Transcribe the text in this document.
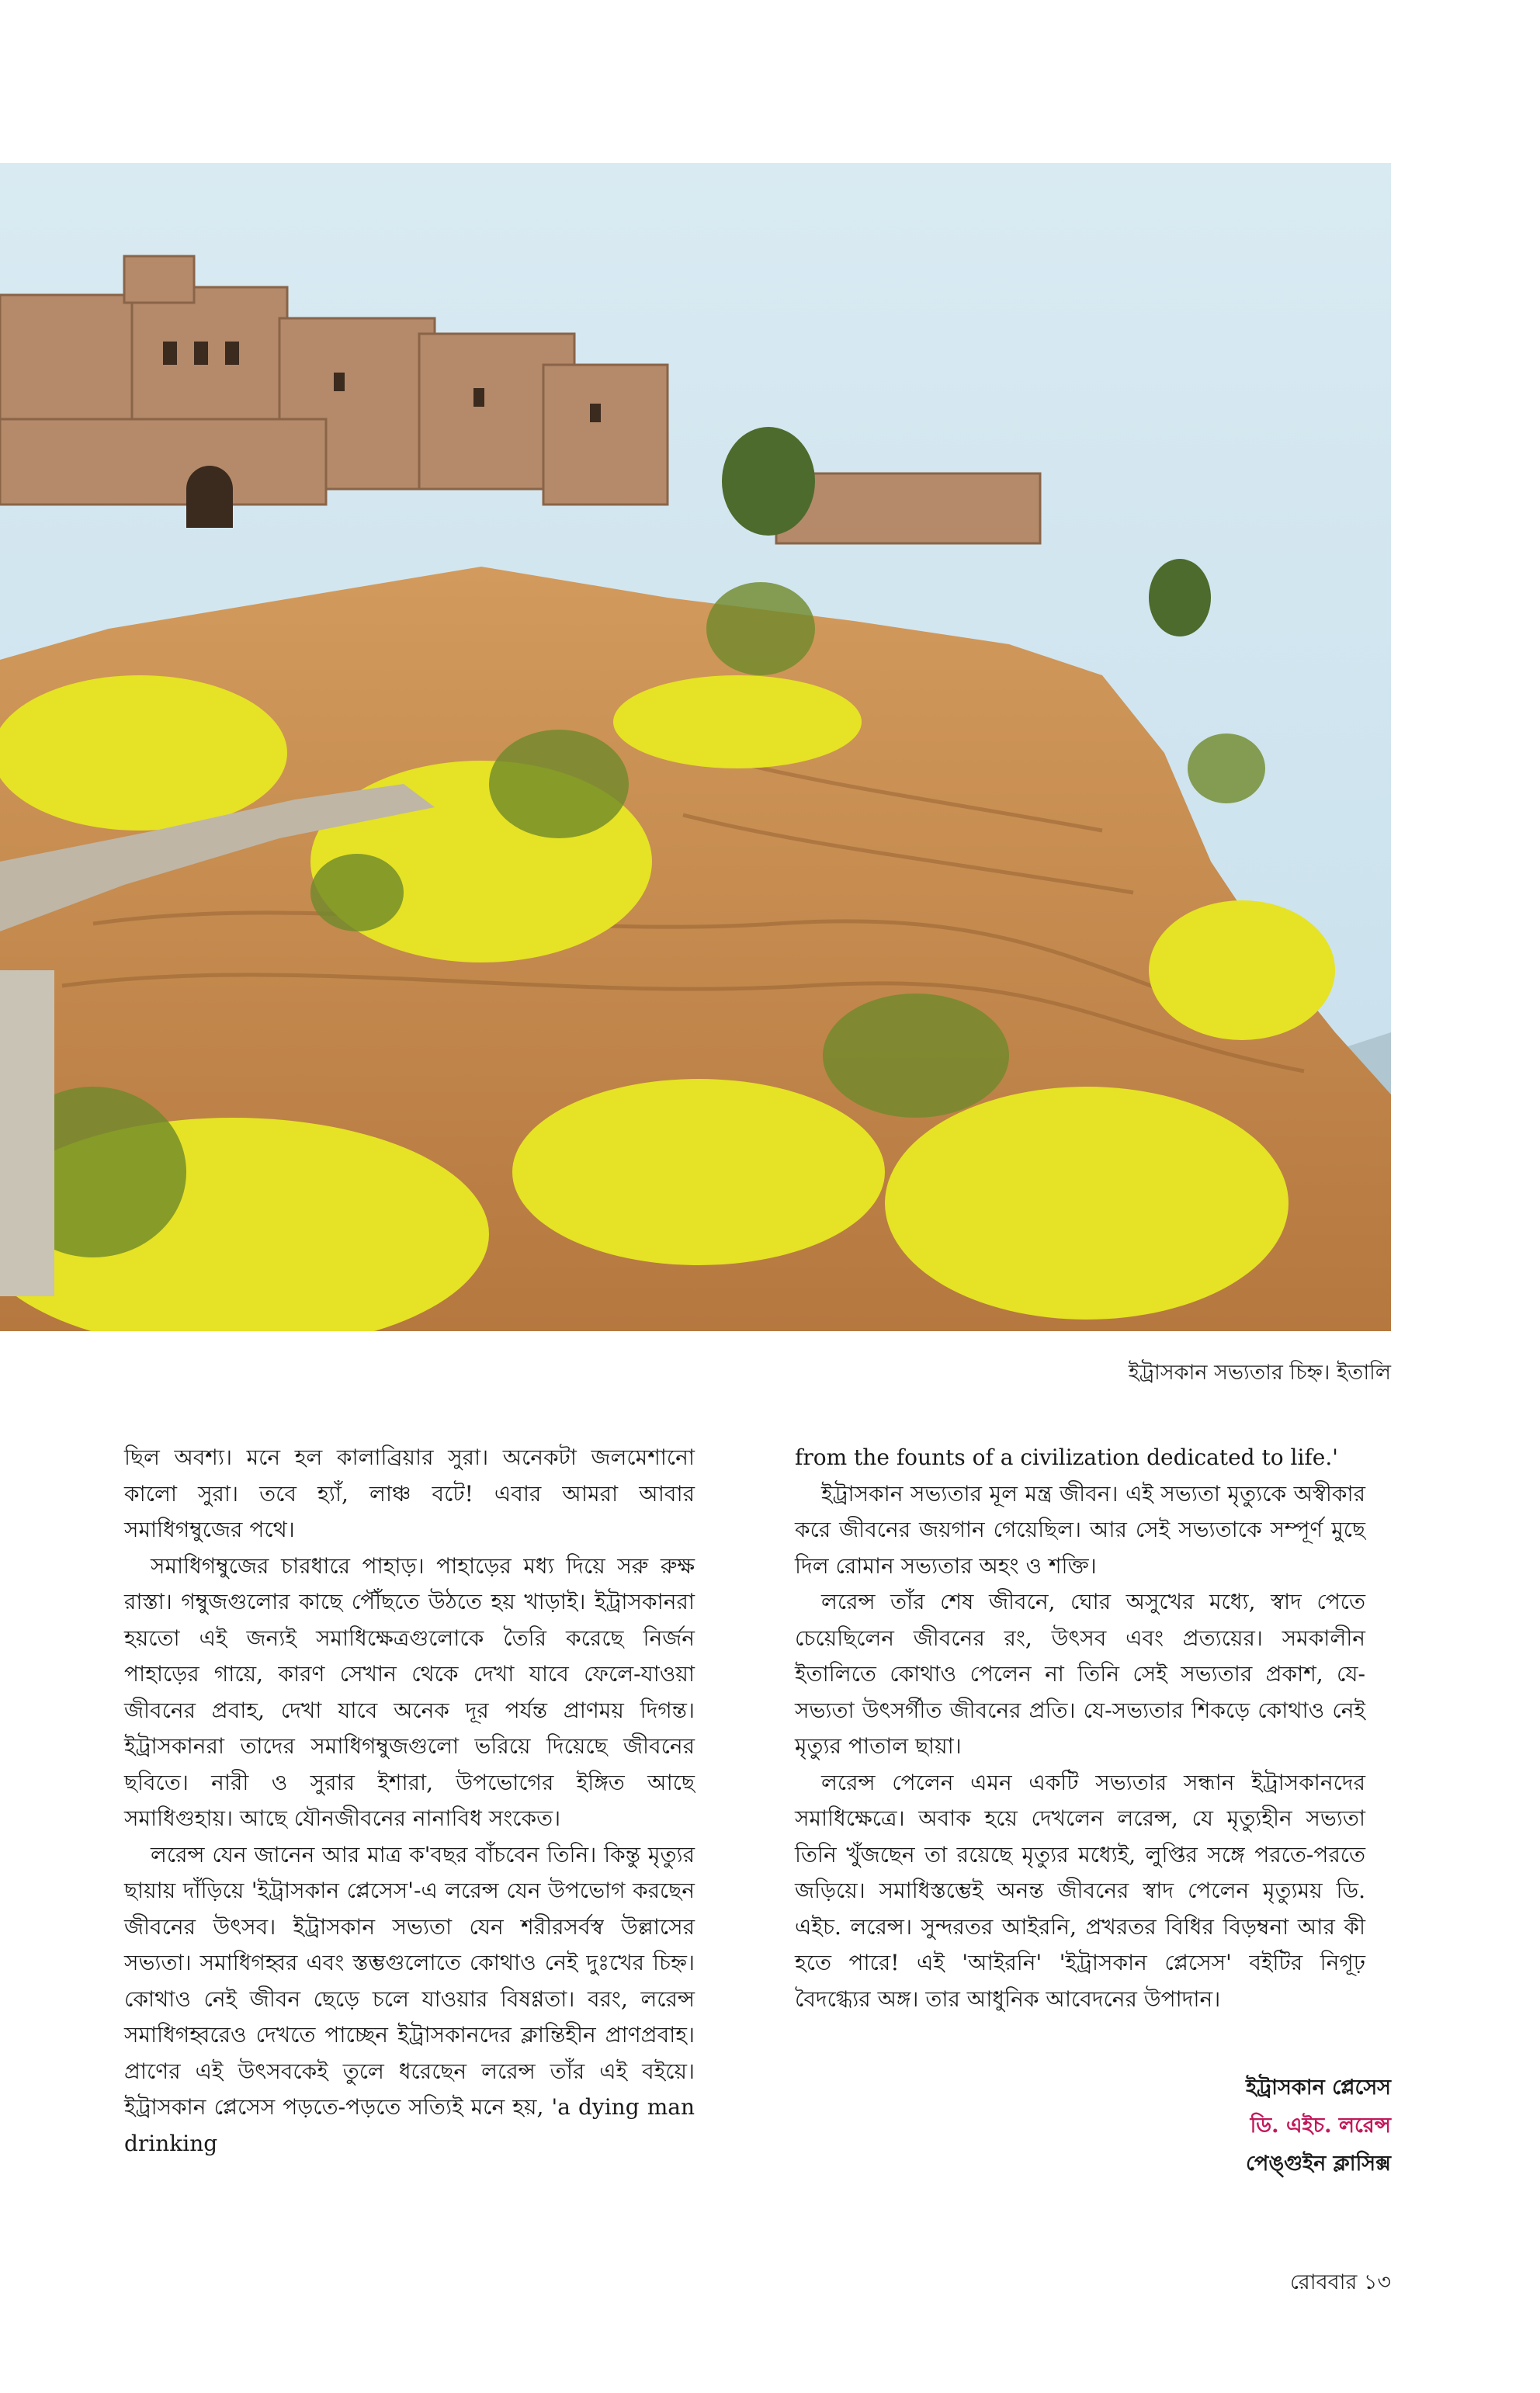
ইট্রাসকান সভ্যতার চিহ্ন। ইতালি

ছিল অবশ্য। মনে হল কালাব্রিয়ার সুরা। অনেকটা জলমেশানো কালো সুরা। তবে হ্যাঁ, লাঞ্চ বটে! এবার আমরা আবার সমাধিগম্বুজের পথে।

সমাধিগম্বুজের চারধারে পাহাড়। পাহাড়ের মধ্য দিয়ে সরু রুক্ষ রাস্তা। গম্বুজগুলোর কাছে পৌঁছতে উঠতে হয় খাড়াই। ইট্রাসকানরা হয়তো এই জন্যই সমাধিক্ষেত্রগুলোকে তৈরি করেছে নির্জন পাহাড়ের গায়ে, কারণ সেখান থেকে দেখা যাবে ফেলে-যাওয়া জীবনের প্রবাহ, দেখা যাবে অনেক দূর পর্যন্ত প্রাণময় দিগন্ত। ইট্রাসকানরা তাদের সমাধিগম্বুজগুলো ভরিয়ে দিয়েছে জীবনের ছবিতে। নারী ও সুরার ইশারা, উপভোগের ইঙ্গিত আছে সমাধিগুহায়। আছে যৌনজীবনের নানাবিধ সংকেত।

লরেন্স যেন জানেন আর মাত্র ক'বছর বাঁচবেন তিনি। কিন্তু মৃত্যুর ছায়ায় দাঁড়িয়ে 'ইট্রাসকান প্লেসেস'-এ লরেন্স যেন উপভোগ করছেন জীবনের উৎসব। ইট্রাসকান সভ্যতা যেন শরীরসর্বস্ব উল্লাসের সভ্যতা। সমাধিগহ্বর এবং স্তম্ভগুলোতে কোথাও নেই দুঃখের চিহ্ন। কোথাও নেই জীবন ছেড়ে চলে যাওয়ার বিষণ্ণতা। বরং, লরেন্স সমাধিগহ্বরেও দেখতে পাচ্ছেন ইট্রাসকানদের ক্লান্তিহীন প্রাণপ্রবাহ। প্রাণের এই উৎসবকেই তুলে ধরেছেন লরেন্স তাঁর এই বইয়ে। ইট্রাসকান প্লেসেস পড়তে-পড়তে সত্যিই মনে হয়, 'a dying man drinking

from the founts of a civilization dedicated to life.'

ইট্রাসকান সভ্যতার মূল মন্ত্র জীবন। এই সভ্যতা মৃত্যুকে অস্বীকার করে জীবনের জয়গান গেয়েছিল। আর সেই সভ্যতাকে সম্পূর্ণ মুছে দিল রোমান সভ্যতার অহং ও শক্তি।

লরেন্স তাঁর শেষ জীবনে, ঘোর অসুখের মধ্যে, স্বাদ পেতে চেয়েছিলেন জীবনের রং, উৎসব এবং প্রত্যয়ের। সমকালীন ইতালিতে কোথাও পেলেন না তিনি সেই সভ্যতার প্রকাশ, যে-সভ্যতা উৎসর্গীত জীবনের প্রতি। যে-সভ্যতার শিকড়ে কোথাও নেই মৃত্যুর পাতাল ছায়া।

লরেন্স পেলেন এমন একটি সভ্যতার সন্ধান ইট্রাসকানদের সমাধিক্ষেত্রে। অবাক হয়ে দেখলেন লরেন্স, যে মৃত্যুহীন সভ্যতা তিনি খুঁজছেন তা রয়েছে মৃত্যুর মধ্যেই, লুপ্তির সঙ্গে পরতে-পরতে জড়িয়ে। সমাধিস্তম্ভেই অনন্ত জীবনের স্বাদ পেলেন মৃত্যুময় ডি. এইচ. লরেন্স। সুন্দরতর আইরনি, প্রখরতর বিধির বিড়ম্বনা আর কী হতে পারে! এই 'আইরনি' 'ইট্রাসকান প্লেসেস' বইটির নিগূঢ় বৈদগ্ধ্যের অঙ্গ। তার আধুনিক আবেদনের উপাদান।

ইট্রাসকান প্লেসেস
ডি. এইচ. লরেন্স
পেঙ্গুইন ক্লাসিক্স
রোববার ১৩
